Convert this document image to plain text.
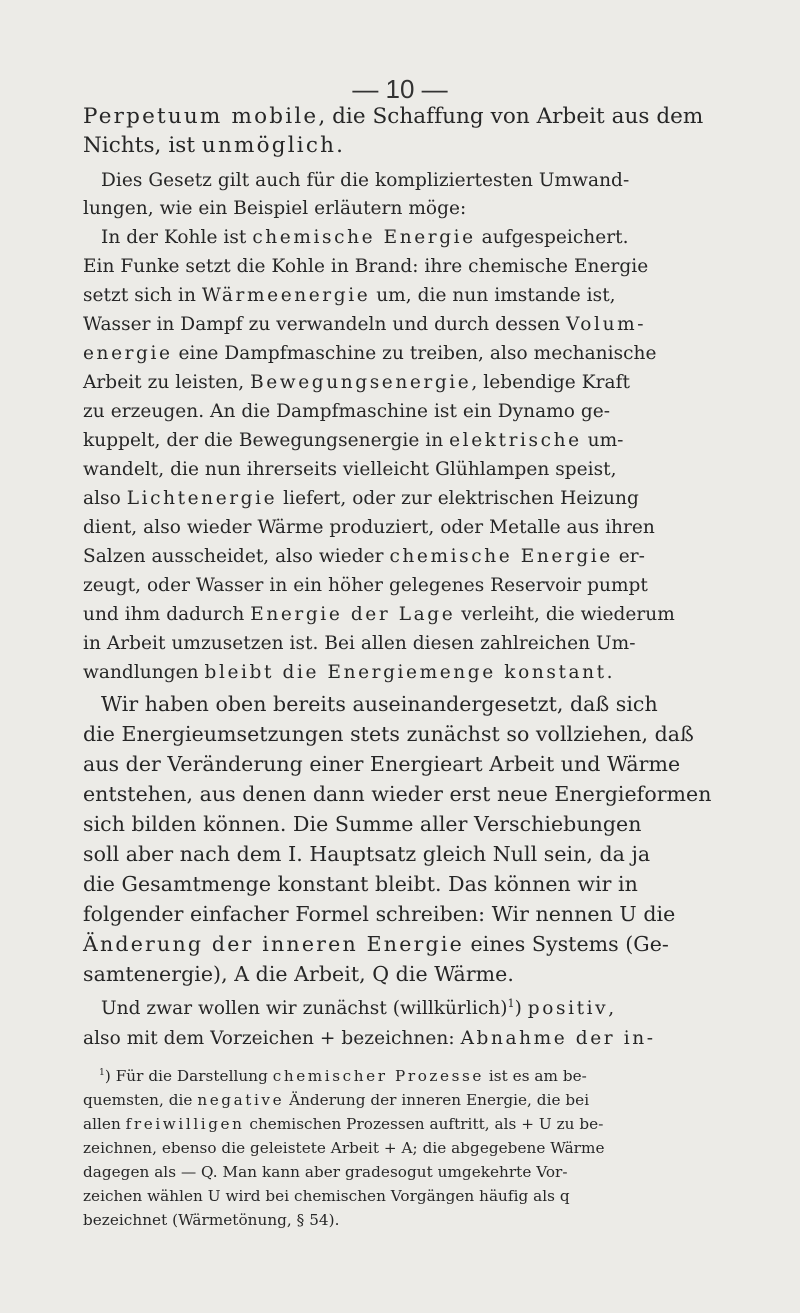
— 10 —
Perpetuum mobile, die Schaffung von Arbeit aus dem
Nichts, ist unmöglich.
Dies Gesetz gilt auch für die kompliziertesten Umwand-
lungen, wie ein Beispiel erläutern möge:
In der Kohle ist chemische Energie aufgespeichert.
Ein Funke setzt die Kohle in Brand: ihre chemische Energie
setzt sich in Wärmeenergie um, die nun imstande ist,
Wasser in Dampf zu verwandeln und durch dessen Volum-
energie eine Dampfmaschine zu treiben, also mechanische
Arbeit zu leisten, Bewegungsenergie, lebendige Kraft
zu erzeugen. An die Dampfmaschine ist ein Dynamo ge-
kuppelt, der die Bewegungsenergie in elektrische um-
wandelt, die nun ihrerseits vielleicht Glühlampen speist,
also Lichtenergie liefert, oder zur elektrischen Heizung
dient, also wieder Wärme produziert, oder Metalle aus ihren
Salzen ausscheidet, also wieder chemische Energie er-
zeugt, oder Wasser in ein höher gelegenes Reservoir pumpt
und ihm dadurch Energie der Lage verleiht, die wiederum
in Arbeit umzusetzen ist. Bei allen diesen zahlreichen Um-
wandlungen bleibt die Energiemenge konstant.
Wir haben oben bereits auseinandergesetzt, daß sich
die Energieumsetzungen stets zunächst so vollziehen, daß
aus der Veränderung einer Energieart Arbeit und Wärme
entstehen, aus denen dann wieder erst neue Energieformen
sich bilden können. Die Summe aller Verschiebungen
soll aber nach dem I. Hauptsatz gleich Null sein, da ja
die Gesamtmenge konstant bleibt. Das können wir in
folgender einfacher Formel schreiben: Wir nennen U die
Änderung der inneren Energie eines Systems (Ge-
samtenergie), A die Arbeit, Q die Wärme.
Und zwar wollen wir zunächst (willkürlich)$^1$) positiv,
also mit dem Vorzeichen + bezeichnen: Abnahme der in-
$^1$) Für die Darstellung chemischer Prozesse ist es am be-
quemsten, die negative Änderung der inneren Energie, die bei
allen freiwilligen chemischen Prozessen auftritt, als + U zu be-
zeichnen, ebenso die geleistete Arbeit + A; die abgegebene Wärme
dagegen als — Q. Man kann aber gradesogut umgekehrte Vor-
zeichen wählen U wird bei chemischen Vorgängen häufig als q
bezeichnet (Wärmetönung, § 54).
